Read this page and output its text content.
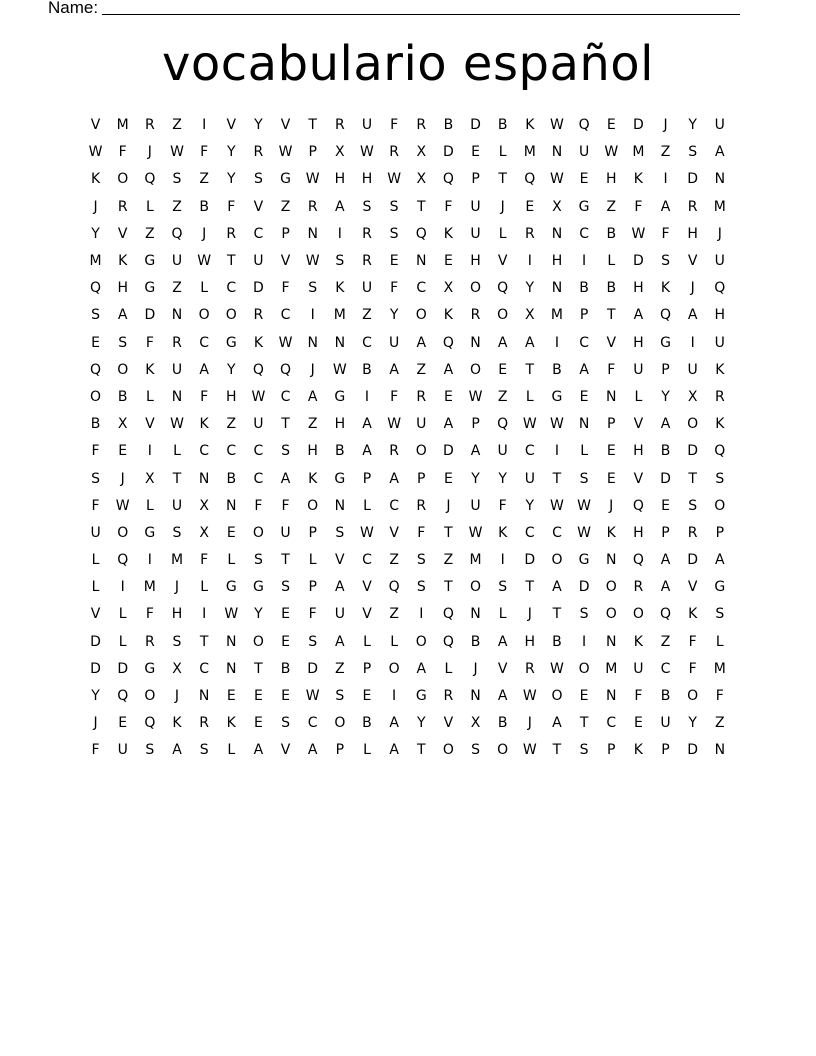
Name:
vocabulario español
V	M	R	Z	I	V	Y	V	T	R	U	F	R	B	D	B	K	W	Q	E	D	J	Y	U
W	F	J	W	F	Y	R	W	P	X	W	R	X	D	E	L	M	N	U	W	M	Z	S	A
K	O	Q	S	Z	Y	S	G	W	H	H	W	X	Q	P	T	Q	W	E	H	K	I	D	N
J	R	L	Z	B	F	V	Z	R	A	S	S	T	F	U	J	E	X	G	Z	F	A	R	M
Y	V	Z	Q	J	R	C	P	N	I	R	S	Q	K	U	L	R	N	C	B	W	F	H	J
M	K	G	U	W	T	U	V	W	S	R	E	N	E	H	V	I	H	I	L	D	S	V	U
Q	H	G	Z	L	C	D	F	S	K	U	F	C	X	O	Q	Y	N	B	B	H	K	J	Q
S	A	D	N	O	O	R	C	I	M	Z	Y	O	K	R	O	X	M	P	T	A	Q	A	H
E	S	F	R	C	G	K	W	N	N	C	U	A	Q	N	A	A	I	C	V	H	G	I	U
Q	O	K	U	A	Y	Q	Q	J	W	B	A	Z	A	O	E	T	B	A	F	U	P	U	K
O	B	L	N	F	H	W	C	A	G	I	F	R	E	W	Z	L	G	E	N	L	Y	X	R
B	X	V	W	K	Z	U	T	Z	H	A	W	U	A	P	Q	W W	N	P	V	A	O	K
F	E	I	L	C	C	C	S	H	B	A	R	O	D	A	U	C	I	L	E	H	B	D	Q
S	J	X	T	N	B	C	A	K	G	P	A	P	E	Y	Y	U	T	S	E	V	D	T	S
F	W	L	U	X	N	F	F	O	N	L	C	R	J	U	F	Y	W W	J	Q	E	S	O
U	O	G	S	X	E	O	U	P	S	W	V	F	T	W	K	C	C	W	K	H	P	R	P
L	Q	I	M	F	L	S	T	L	V	C	Z	S	Z	M	I	D	O	G	N	Q	A	D	A
L	I	M	J	L	G	G	S	P	A	V	Q	S	T	O	S	T	A	D	O	R	A	V	G
V	L	F	H	I	W	Y	E	F	U	V	Z	I	Q	N	L	J	T	S	O	O	Q	K	S
D	L	R	S	T	N	O	E	S	A	L	L	O	Q	B	A	H	B	I	N	K	Z	F	L
D	D	G	X	C	N	T	B	D	Z	P	O	A	L	J	V	R	W	O	M	U	C	F	M
Y	Q	O	J	N	E	E	E	W	S	E	I	G	R	N	A	W	O	E	N	F	B	O	F
J	E	Q	K	R	K	E	S	C	O	B	A	Y	V	X	B	J	A	T	C	E	U	Y	Z
F	U	S	A	S	L	A	V	A	P	L	A	T	O	S	O	W	T	S	P	K	P	D	N
